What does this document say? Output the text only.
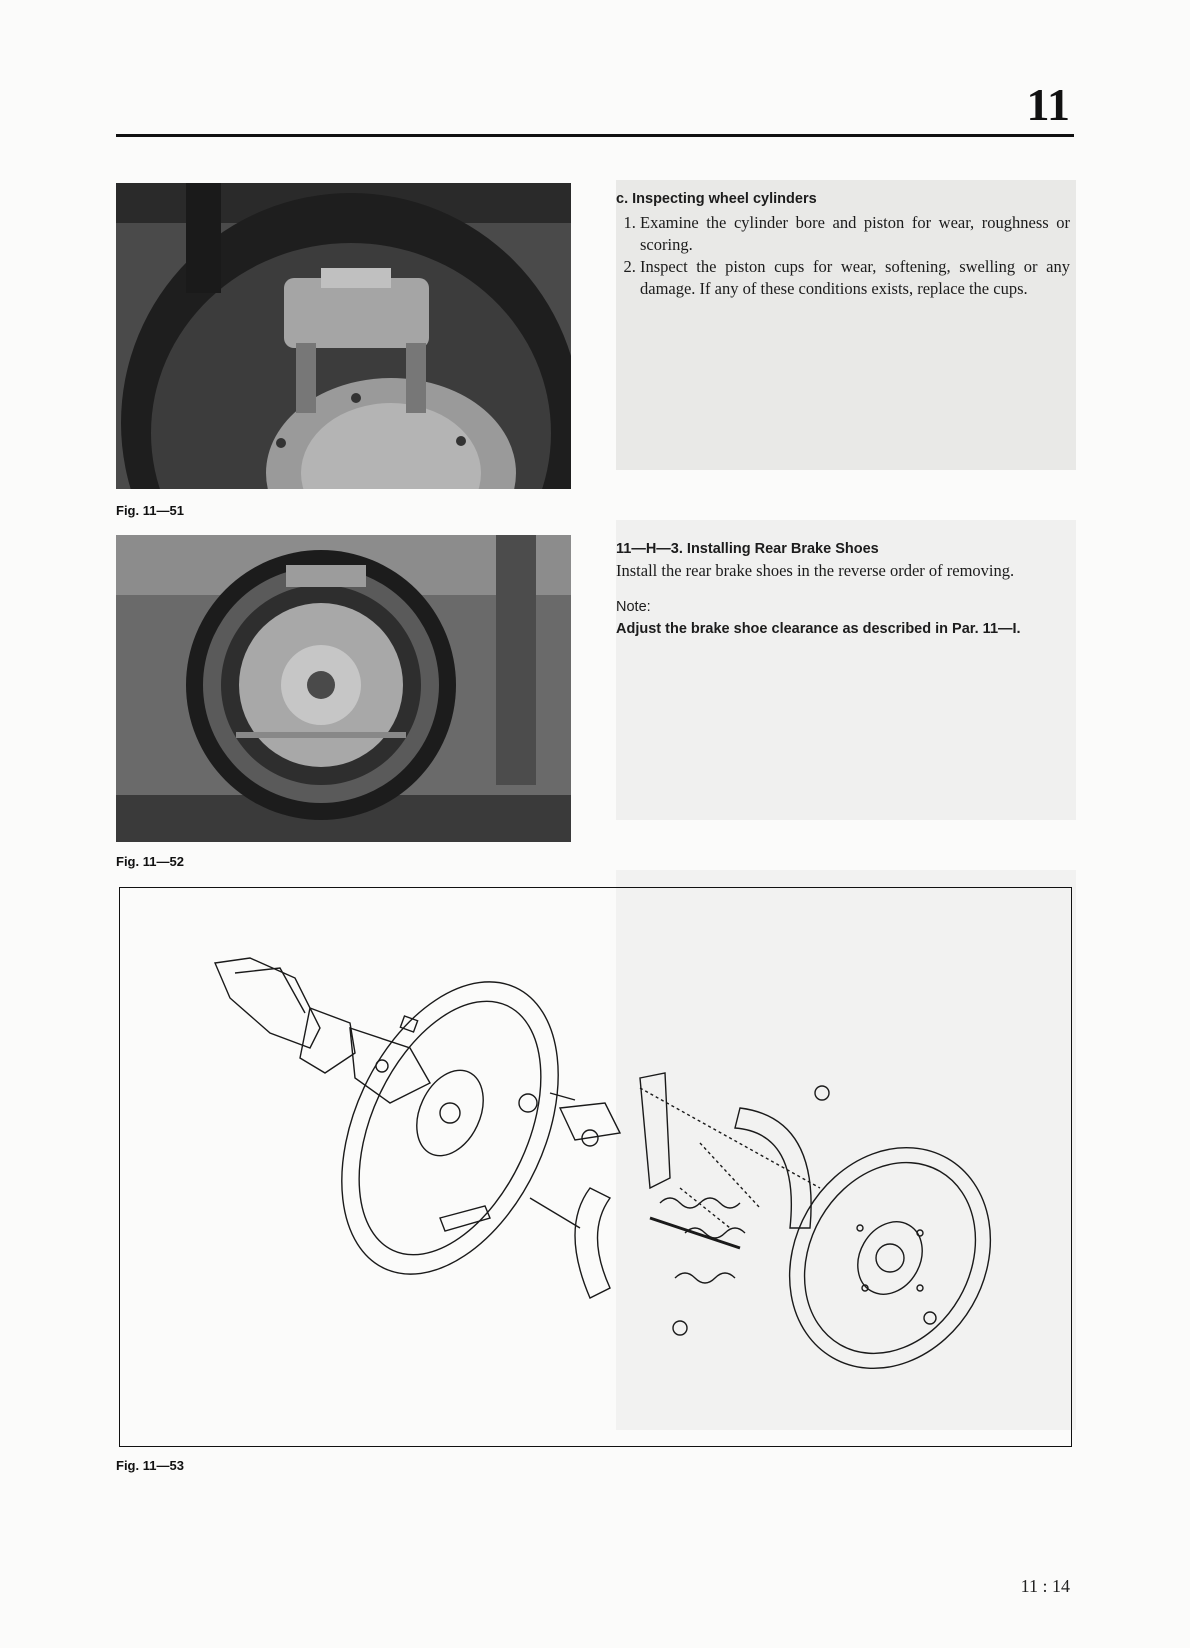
11
Fig. 11—51
Fig. 11—52
c. Inspecting wheel cylinders
1. Examine the cylinder bore and piston for wear, roughness or scoring.
2. Inspect the piston cups for wear, softening, swelling or any damage. If any of these conditions exists, replace the cups.
11—H—3. Installing Rear Brake Shoes
Install the rear brake shoes in the reverse order of removing.
Note:
Adjust the brake shoe clearance as described in Par. 11—I.
Fig. 11—53
11 : 14
